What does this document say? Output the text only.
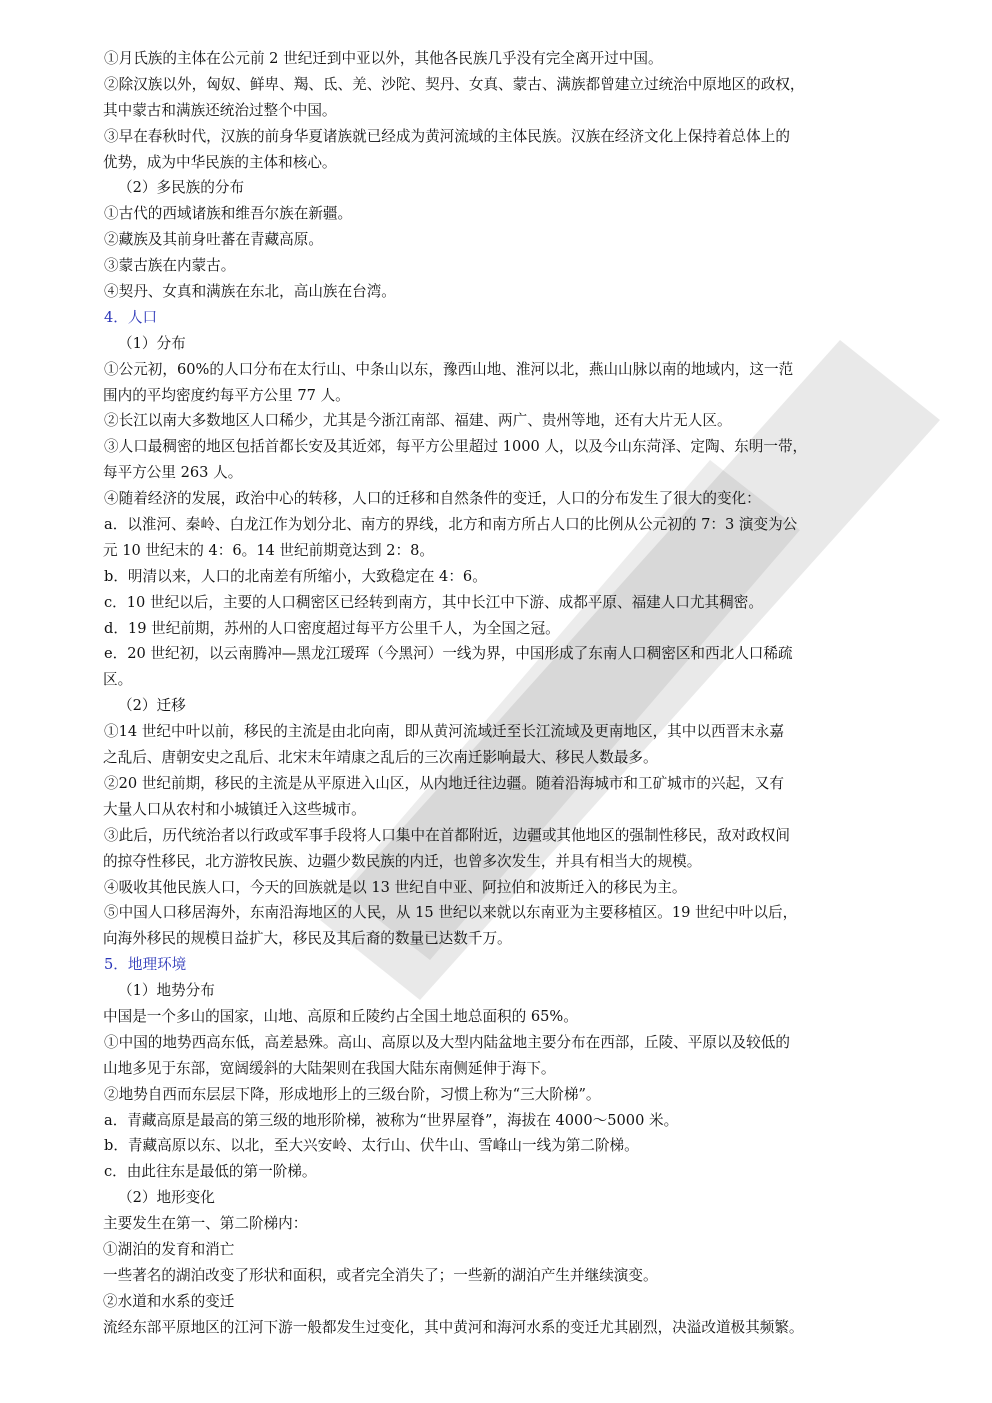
①月氏族的主体在公元前 2 世纪迁到中亚以外，其他各民族几乎没有完全离开过中国。
②除汉族以外，匈奴、鲜卑、羯、氐、羌、沙陀、契丹、女真、蒙古、满族都曾建立过统治中原地区的政权，
其中蒙古和满族还统治过整个中国。
③早在春秋时代，汉族的前身华夏诸族就已经成为黄河流域的主体民族。汉族在经济文化上保持着总体上的
优势，成为中华民族的主体和核心。
（2）多民族的分布
①古代的西域诸族和维吾尔族在新疆。
②藏族及其前身吐蕃在青藏高原。
③蒙古族在内蒙古。
④契丹、女真和满族在东北，高山族在台湾。
4．人口
（1）分布
①公元初，60%的人口分布在太行山、中条山以东，豫西山地、淮河以北，燕山山脉以南的地域内，这一范
围内的平均密度约每平方公里 77 人。
②长江以南大多数地区人口稀少，尤其是今浙江南部、福建、两广、贵州等地，还有大片无人区。
③人口最稠密的地区包括首都长安及其近郊，每平方公里超过 1000 人，以及今山东菏泽、定陶、东明一带，
每平方公里 263 人。
④随着经济的发展，政治中心的转移，人口的迁移和自然条件的变迁，人口的分布发生了很大的变化：
a．以淮河、秦岭、白龙江作为划分北、南方的界线，北方和南方所占人口的比例从公元初的 7：3 演变为公
元 10 世纪末的 4：6。14 世纪前期竟达到 2：8。
b．明清以来，人口的北南差有所缩小，大致稳定在 4：6。
c．10 世纪以后，主要的人口稠密区已经转到南方，其中长江中下游、成都平原、福建人口尤其稠密。
d．19 世纪前期，苏州的人口密度超过每平方公里千人，为全国之冠。
e．20 世纪初，以云南腾冲—黑龙江瑷珲（今黑河）一线为界，中国形成了东南人口稠密区和西北人口稀疏
区。
（2）迁移
①14 世纪中叶以前，移民的主流是由北向南，即从黄河流域迁至长江流域及更南地区，其中以西晋末永嘉
之乱后、唐朝安史之乱后、北宋末年靖康之乱后的三次南迁影响最大、移民人数最多。
②20 世纪前期，移民的主流是从平原进入山区，从内地迁往边疆。随着沿海城市和工矿城市的兴起，又有
大量人口从农村和小城镇迁入这些城市。
③此后，历代统治者以行政或军事手段将人口集中在首都附近，边疆或其他地区的强制性移民，敌对政权间
的掠夺性移民，北方游牧民族、边疆少数民族的内迁，也曾多次发生，并具有相当大的规模。
④吸收其他民族人口，今天的回族就是以 13 世纪自中亚、阿拉伯和波斯迁入的移民为主。
⑤中国人口移居海外，东南沿海地区的人民，从 15 世纪以来就以东南亚为主要移植区。19 世纪中叶以后，
向海外移民的规模日益扩大，移民及其后裔的数量已达数千万。
5．地理环境
（1）地势分布
中国是一个多山的国家，山地、高原和丘陵约占全国土地总面积的 65%。
①中国的地势西高东低，高差悬殊。高山、高原以及大型内陆盆地主要分布在西部，丘陵、平原以及较低的
山地多见于东部，宽阔缓斜的大陆架则在我国大陆东南侧延伸于海下。
②地势自西而东层层下降，形成地形上的三级台阶，习惯上称为“三大阶梯”。
a．青藏高原是最高的第三级的地形阶梯，被称为“世界屋脊”，海拔在 4000～5000 米。
b．青藏高原以东、以北，至大兴安岭、太行山、伏牛山、雪峰山一线为第二阶梯。
c．由此往东是最低的第一阶梯。
（2）地形变化
主要发生在第一、第二阶梯内：
①湖泊的发育和消亡
一些著名的湖泊改变了形状和面积，或者完全消失了；一些新的湖泊产生并继续演变。
②水道和水系的变迁
流经东部平原地区的江河下游一般都发生过变化，其中黄河和海河水系的变迁尤其剧烈，决溢改道极其频繁。
